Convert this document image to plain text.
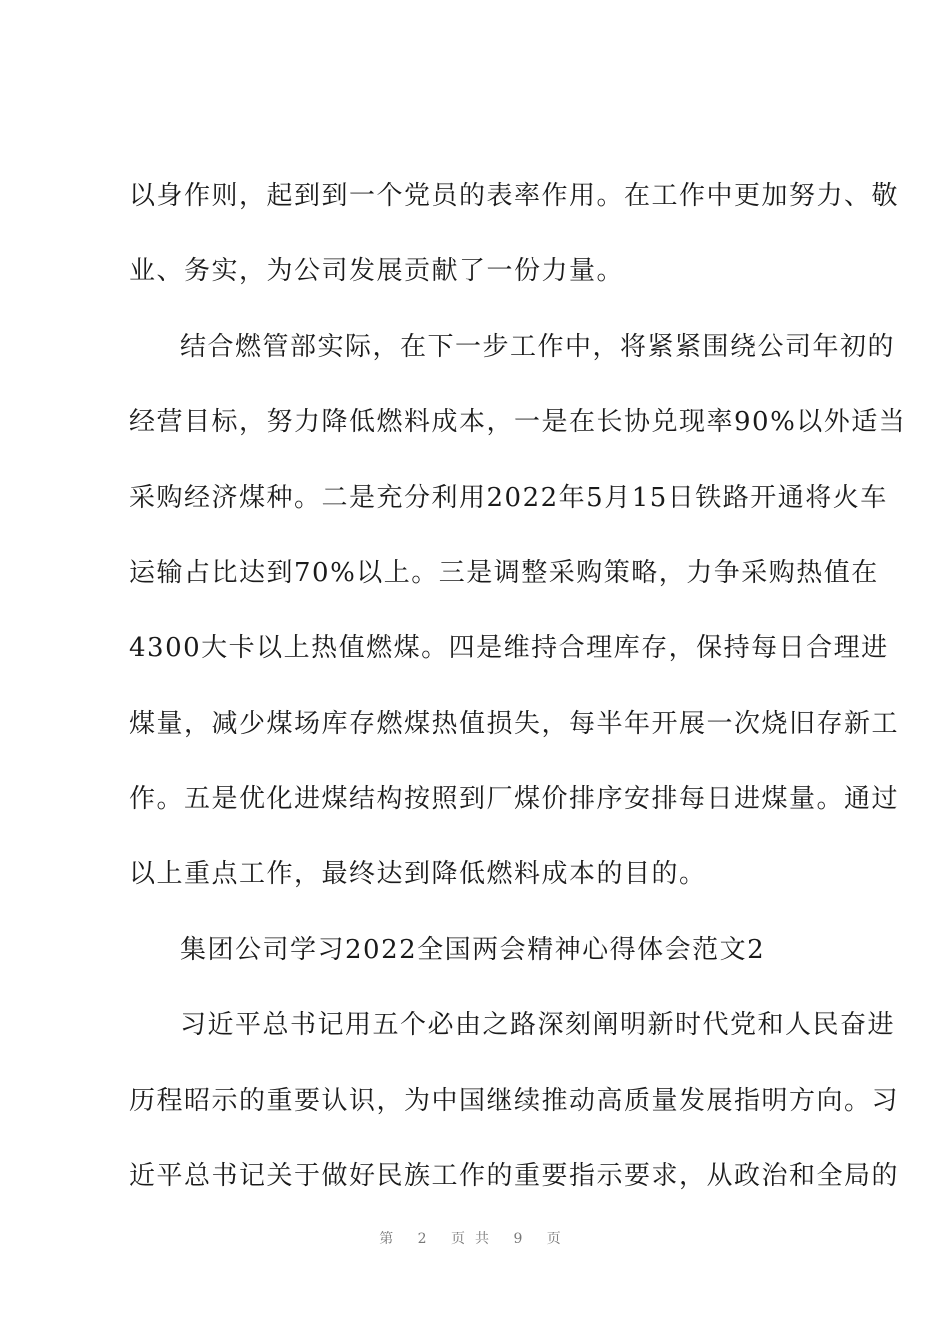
以身作则，起到到一个党员的表率作用。在工作中更加努力、敬
业、务实，为公司发展贡献了一份力量。
结合燃管部实际，在下一步工作中，将紧紧围绕公司年初的
经营目标，努力降低燃料成本，一是在长协兑现率90%以外适当
采购经济煤种。二是充分利用2022年5月15日铁路开通将火车
运输占比达到70%以上。三是调整采购策略，力争采购热值在
4300大卡以上热值燃煤。四是维持合理库存，保持每日合理进
煤量，减少煤场库存燃煤热值损失，每半年开展一次烧旧存新工
作。五是优化进煤结构按照到厂煤价排序安排每日进煤量。通过
以上重点工作，最终达到降低燃料成本的目的。
集团公司学习2022全国两会精神心得体会范文2
习近平总书记用五个必由之路深刻阐明新时代党和人民奋进
历程昭示的重要认识，为中国继续推动高质量发展指明方向。习
近平总书记关于做好民族工作的重要指示要求，从政治和全局的
第 2 页共 9 页
